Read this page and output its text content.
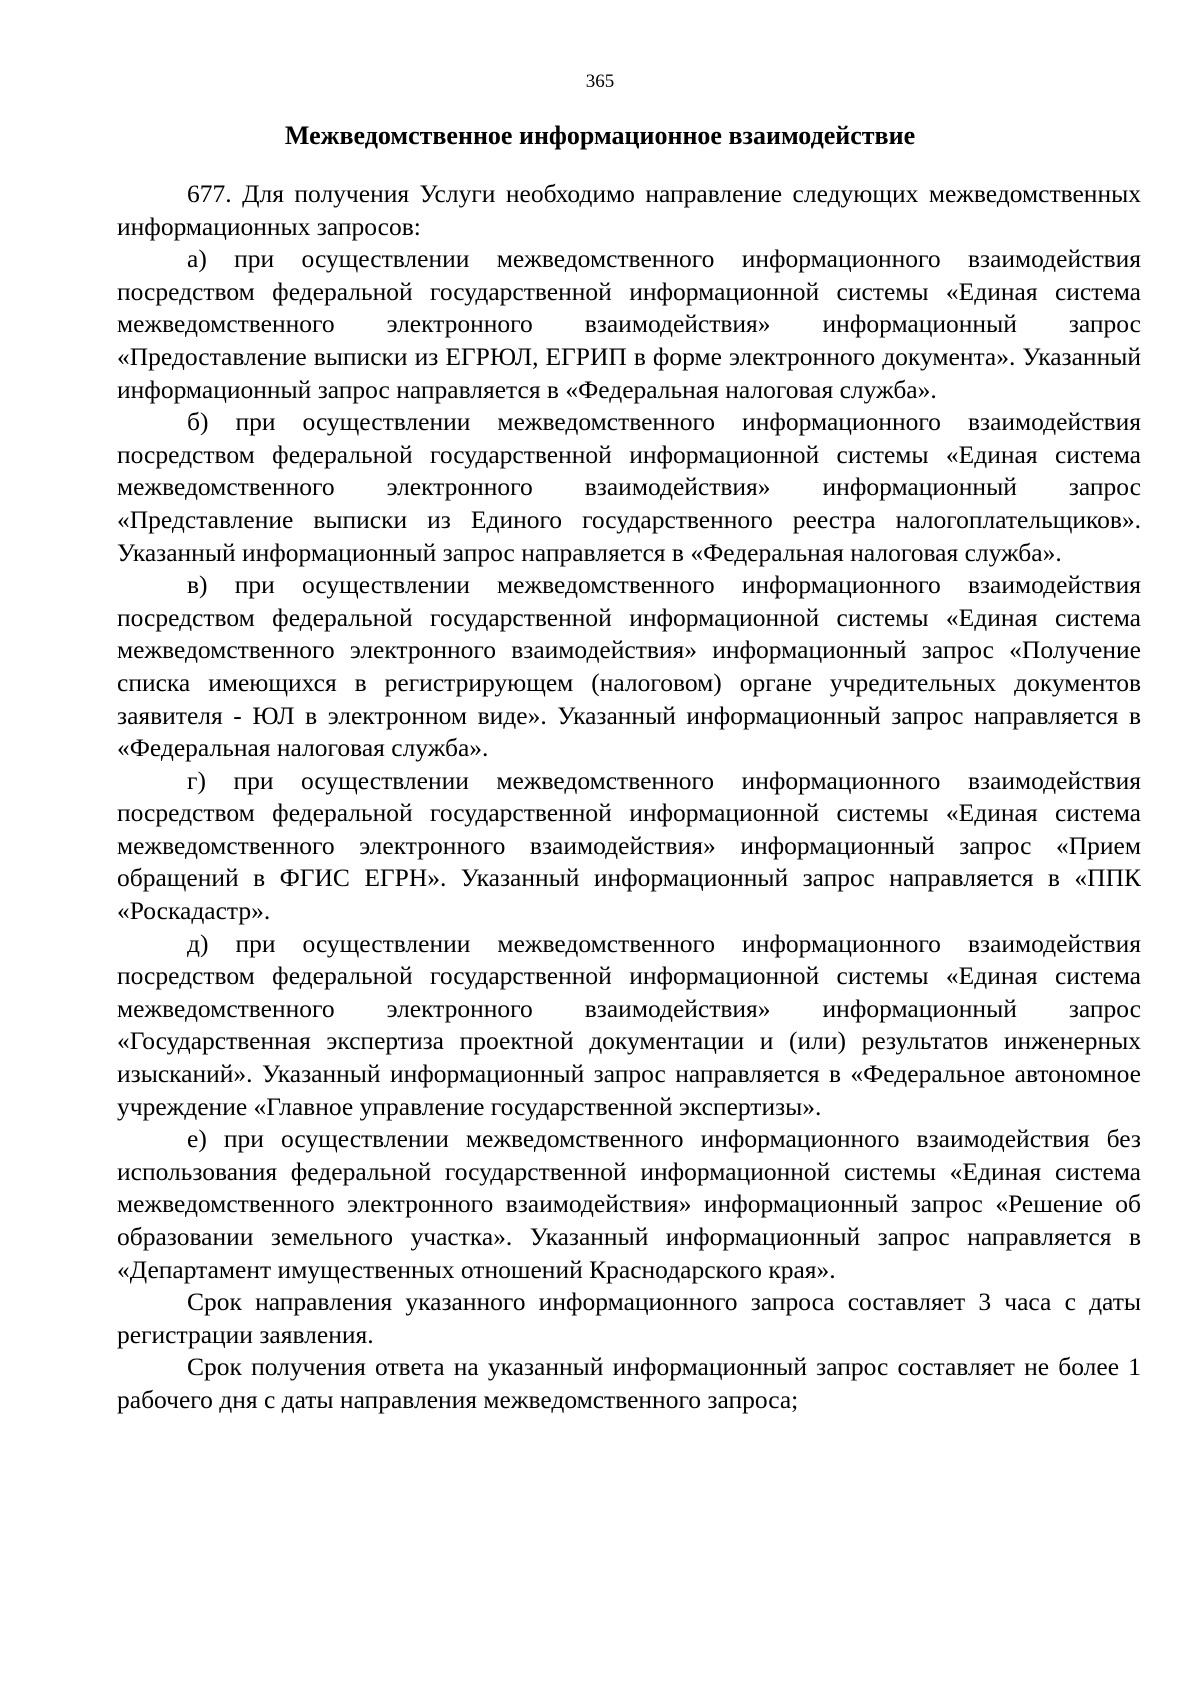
365
Межведомственное информационное взаимодействие

677. Для получения Услуги необходимо направление следующих межведомственных информационных запросов:

а) при осуществлении межведомственного информационного взаимодействия посредством федеральной государственной информационной системы «Единая система межведомственного электронного взаимодействия» информационный запрос «Предоставление выписки из ЕГРЮЛ, ЕГРИП в форме электронного документа». Указанный информационный запрос направляется в «Федеральная налоговая служба».

б) при осуществлении межведомственного информационного взаимодействия посредством федеральной государственной информационной системы «Единая система межведомственного электронного взаимодействия» информационный запрос «Представление выписки из Единого государственного реестра налогоплательщиков». Указанный информационный запрос направляется в «Федеральная налоговая служба».

в) при осуществлении межведомственного информационного взаимодействия посредством федеральной государственной информационной системы «Единая система межведомственного электронного взаимодействия» информационный запрос «Получение списка имеющихся в регистрирующем (налоговом) органе учредительных документов заявителя - ЮЛ в электронном виде». Указанный информационный запрос направляется в «Федеральная налоговая служба».

г) при осуществлении межведомственного информационного взаимодействия посредством федеральной государственной информационной системы «Единая система межведомственного электронного взаимодействия» информационный запрос «Прием обращений в ФГИС ЕГРН». Указанный информационный запрос направляется в «ППК «Роскадастр».

д) при осуществлении межведомственного информационного взаимодействия посредством федеральной государственной информационной системы «Единая система межведомственного электронного взаимодействия» информационный запрос «Государственная экспертиза проектной документации и (или) результатов инженерных изысканий». Указанный информационный запрос направляется в «Федеральное автономное учреждение «Главное управление государственной экспертизы».

е) при осуществлении межведомственного информационного взаимодействия без использования федеральной государственной информационной системы «Единая система межведомственного электронного взаимодействия» информационный запрос «Решение об образовании земельного участка». Указанный информационный запрос направляется в «Департамент имущественных отношений Краснодарского края».

Срок направления указанного информационного запроса составляет 3 часа с даты регистрации заявления.

Срок получения ответа на указанный информационный запрос составляет не более 1 рабочего дня с даты направления межведомственного запроса;
